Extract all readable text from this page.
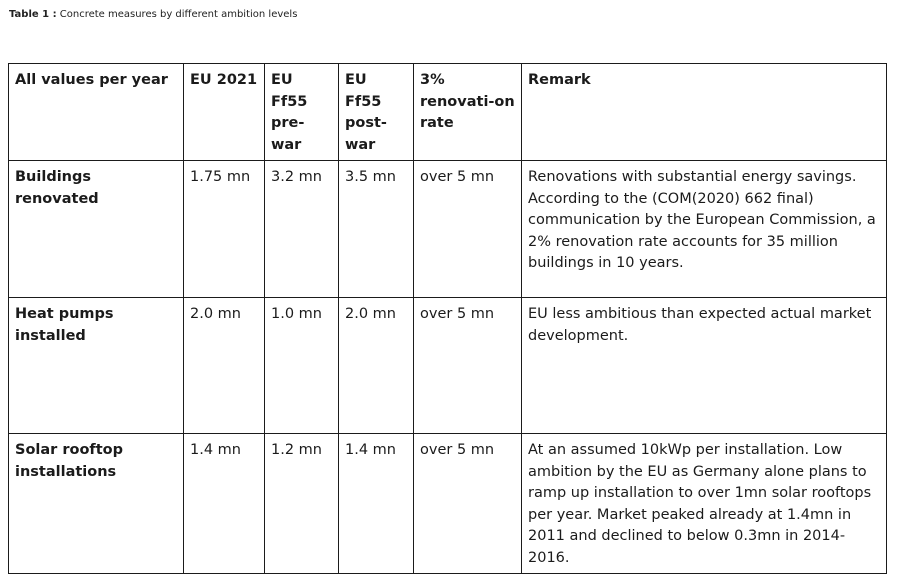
Table 1 : Concrete measures by different ambition levels
All values per year	EU 2021	EU Ff55 pre-war	EU Ff55 post-war	3% renovati-on rate	Remark
Buildings renovated	1.75 mn	3.2 mn	3.5 mn	over 5 mn	Renovations with substantial energy savings. According to the (COM(2020) 662 final) communication by the European Commission, a 2% renovation rate accounts for 35 million buildings in 10 years.
Heat pumps installed	2.0 mn	1.0 mn	2.0 mn	over 5 mn	EU less ambitious than expected actual market development.
Solar rooftop installations	1.4 mn	1.2 mn	1.4 mn	over 5 mn	At an assumed 10kWp per installation. Low ambition by the EU as Germany alone plans to ramp up installation to over 1mn solar rooftops per year. Market peaked already at 1.4mn in 2011 and declined to below 0.3mn in 2014-2016.
